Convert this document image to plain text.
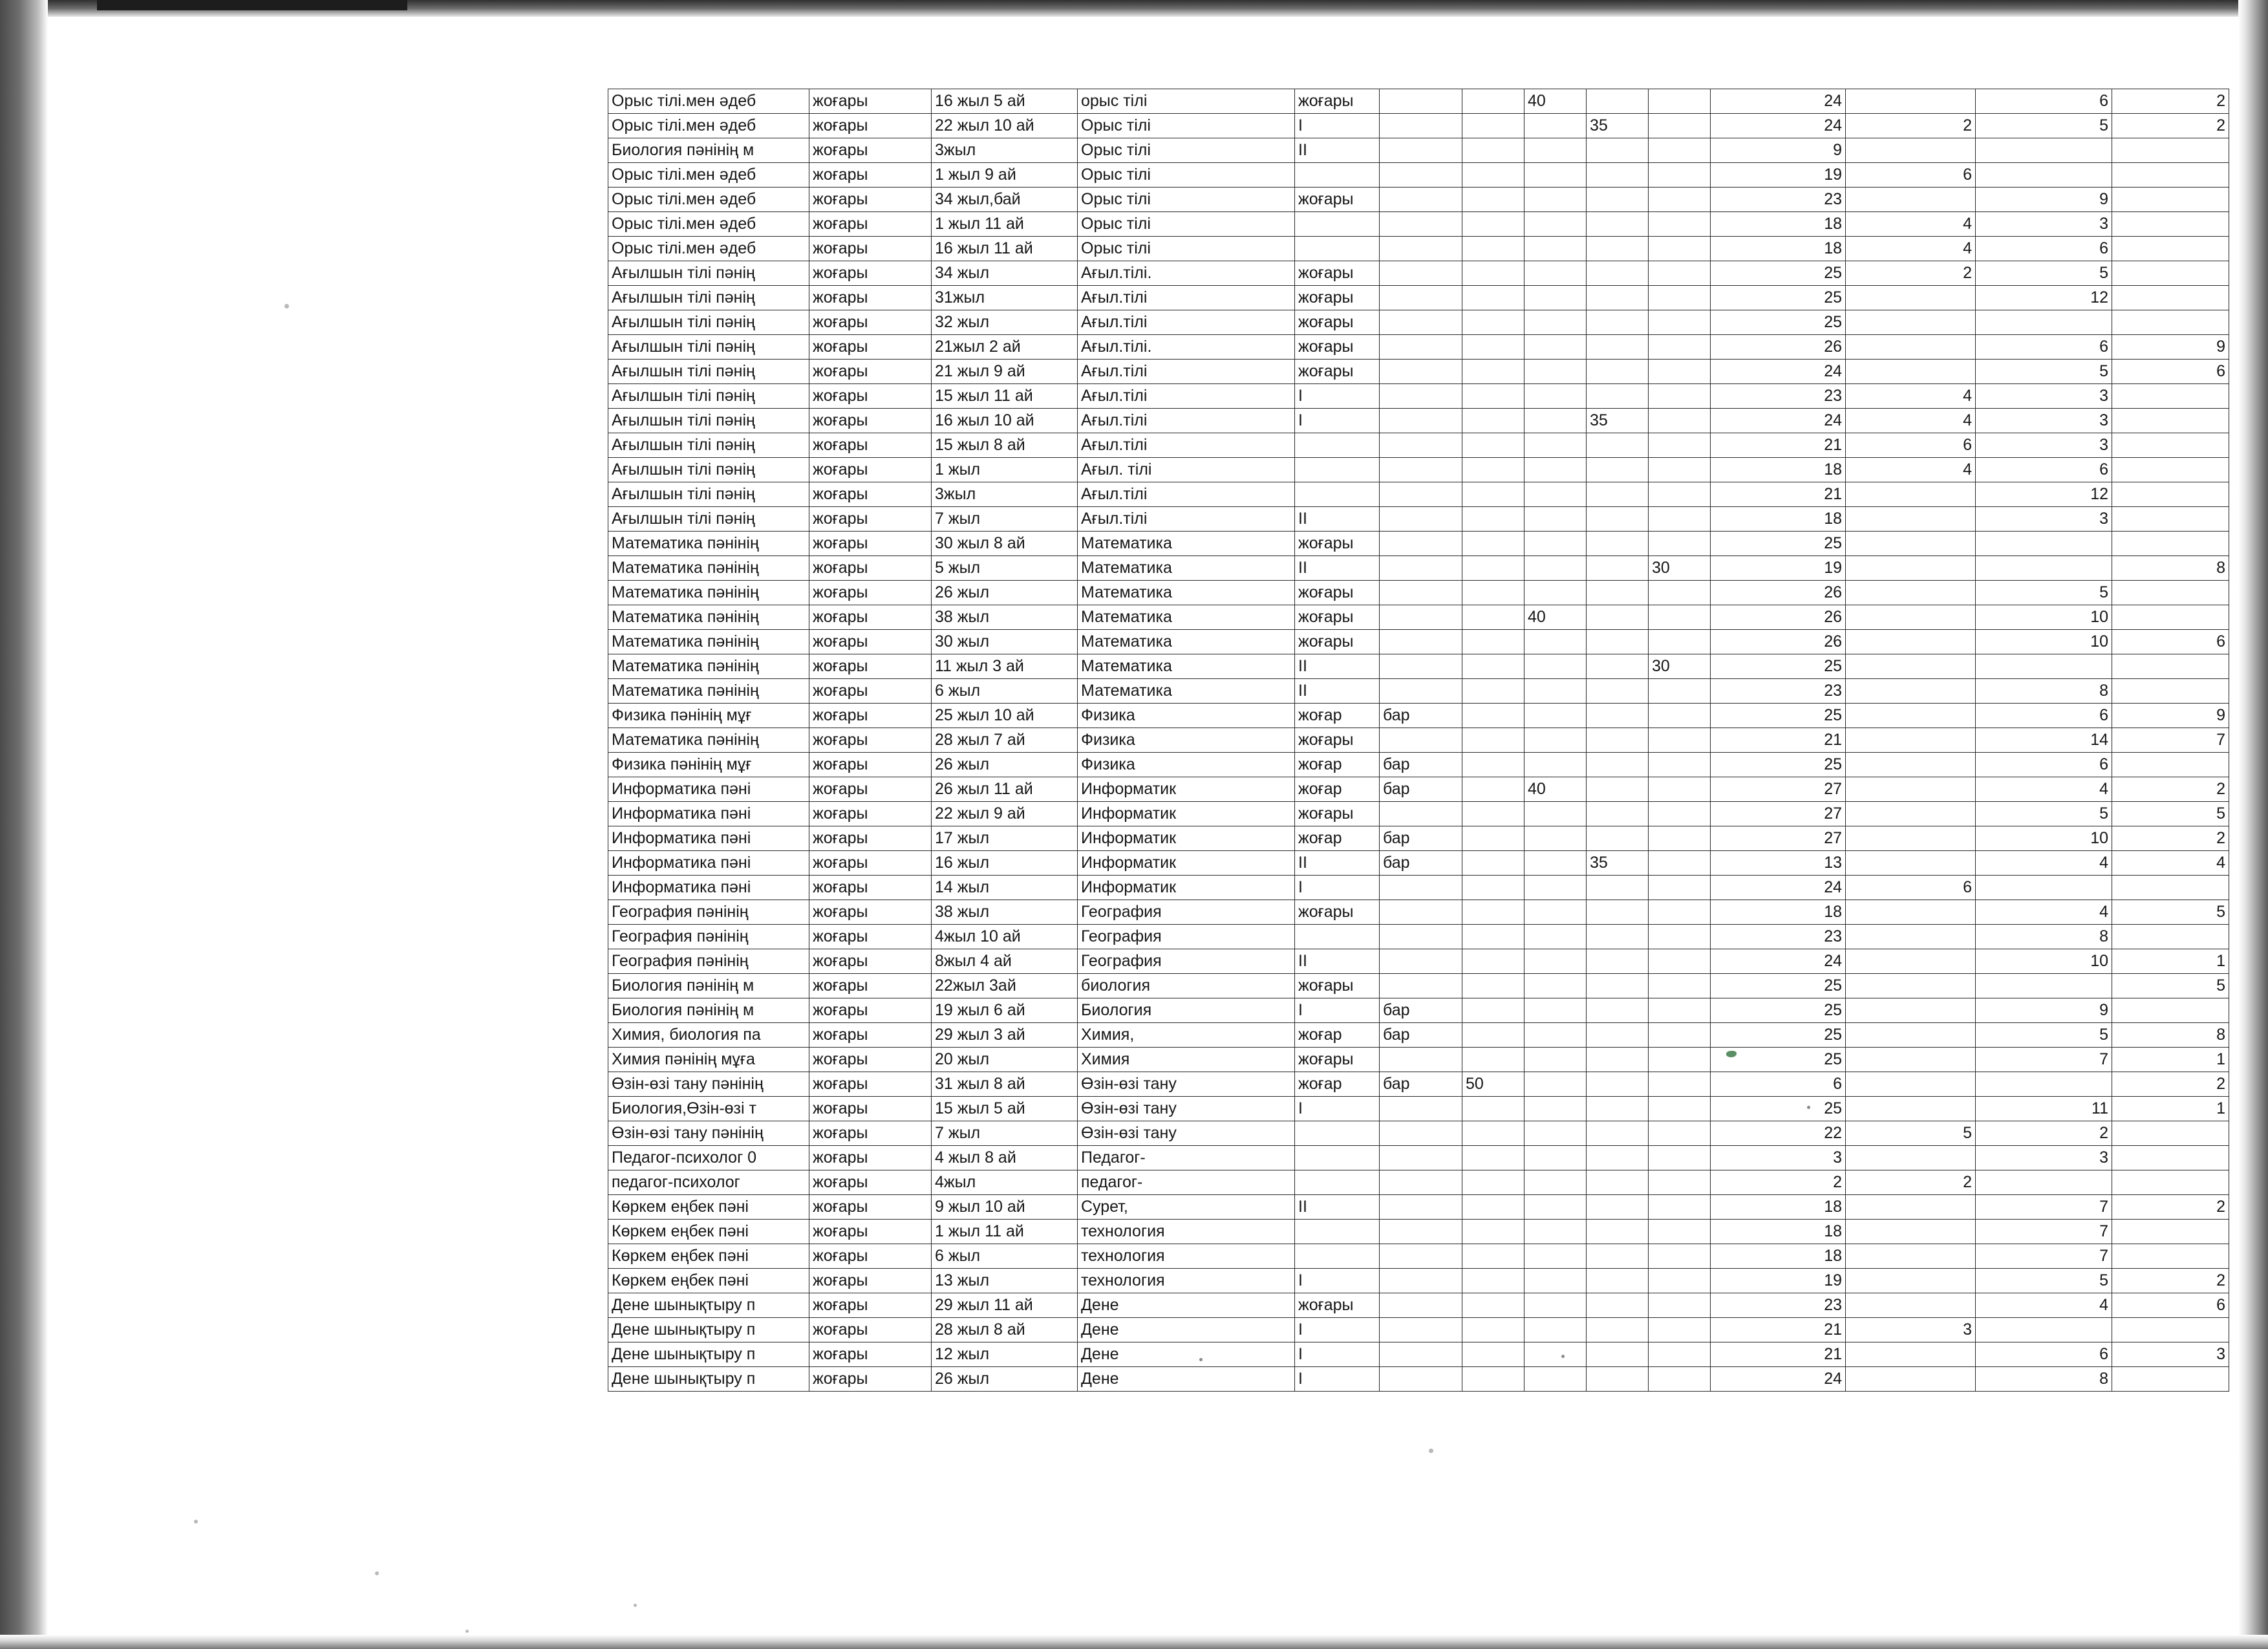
Орыс тілі.мен әдеб	жоғары	16 жыл 5 ай	орыс тілі	жоғары			40			24		6	2
Орыс тілі.мен әдеб	жоғары	22 жыл 10 ай	Орыс тілі	I				35		24	2	5	2
Биология пәнінің м	жоғары	3жыл	Орыс тілі	II						9			
Орыс тілі.мен әдеб	жоғары	1 жыл 9 ай	Орыс тілі							19	6		
Орыс тілі.мен әдеб	жоғары	34 жыл,бай	Орыс тілі	жоғары						23		9	
Орыс тілі.мен әдеб	жоғары	1 жыл 11 ай	Орыс тілі							18	4	3	
Орыс тілі.мен әдеб	жоғары	16 жыл 11 ай	Орыс тілі							18	4	6	
Ағылшын тілі пәнің	жоғары	34 жыл	Ағыл.тілі.	жоғары						25	2	5	
Ағылшын тілі пәнің	жоғары	31жыл	Ағыл.тілі	жоғары						25		12	
Ағылшын тілі пәнің	жоғары	32 жыл	Ағыл.тілі	жоғары						25			
Ағылшын тілі пәнің	жоғары	21жыл 2 ай	Ағыл.тілі.	жоғары						26		6	9
Ағылшын тілі пәнің	жоғары	21 жыл 9 ай	Ағыл.тілі	жоғары						24		5	6
Ағылшын тілі пәнің	жоғары	15 жыл 11 ай	Ағыл.тілі	I						23	4	3	
Ағылшын тілі пәнің	жоғары	16 жыл 10 ай	Ағыл.тілі	I				35		24	4	3	
Ағылшын тілі пәнің	жоғары	15 жыл 8 ай	Ағыл.тілі							21	6	3	
Ағылшын тілі пәнің	жоғары	1 жыл	Ағыл. тілі							18	4	6	
Ағылшын тілі пәнің	жоғары	3жыл	Ағыл.тілі							21		12	
Ағылшын тілі пәнің	жоғары	7 жыл	Ағыл.тілі	II						18		3	
Математика пәнінің	жоғары	30 жыл 8 ай	Математика	жоғары						25			
Математика пәнінің	жоғары	5 жыл	Математика	II					30	19			8
Математика пәнінің	жоғары	26 жыл	Математика	жоғары						26		5	
Математика пәнінің	жоғары	38 жыл	Математика	жоғары			40			26		10	
Математика пәнінің	жоғары	30 жыл	Математика	жоғары						26		10	6
Математика пәнінің	жоғары	11 жыл 3 ай	Математика	II					30	25			
Математика пәнінің	жоғары	6 жыл	Математика	II						23		8	
Физика пәнінің мұғ	жоғары	25 жыл 10 ай	Физика	жоғар	бар					25		6	9
Математика пәнінің	жоғары	28 жыл 7 ай	Физика	жоғары						21		14	7
Физика пәнінің мұғ	жоғары	26 жыл	Физика	жоғар	бар					25		6	
Информатика пәні	жоғары	26 жыл 11 ай	Информатик	жоғар	бар		40			27		4	2
Информатика пәні	жоғары	22 жыл 9 ай	Информатик	жоғары						27		5	5
Информатика пәні	жоғары	17 жыл	Информатик	жоғар	бар					27		10	2
Информатика пәні	жоғары	16 жыл	Информатик	II	бар			35		13		4	4
Информатика пәні	жоғары	14 жыл	Информатик	I						24	6		
География пәнінің	жоғары	38 жыл	География	жоғары						18		4	5
География пәнінің	жоғары	4жыл 10 ай	География							23		8	
География пәнінің	жоғары	8жыл 4 ай	География	II						24		10	1
Биология пәнінің м	жоғары	22жыл 3ай	биология	жоғары						25			5
Биология пәнінің м	жоғары	19 жыл 6 ай	Биология	I	бар					25		9	
Химия, биология па	жоғары	29 жыл 3 ай	Химия,	жоғар	бар					25		5	8
Химия пәнінің мұға	жоғары	20 жыл	Химия	жоғары						25		7	1
Өзін-өзі тану пәнінің	жоғары	31 жыл 8 ай	Өзін-өзі тану	жоғар	бар	50				6			2
Биология,Өзін-өзі т	жоғары	15 жыл 5 ай	Өзін-өзі тану	I						25		11	1
Өзін-өзі тану пәнінің	жоғары	7 жыл	Өзін-өзі тану							22	5	2	
Педагог-психолог 0	жоғары	4 жыл 8 ай	Педагог-							3		3	
педагог-психолог	жоғары	4жыл	педагог-							2	2		
Көркем еңбек пәні	жоғары	9 жыл 10 ай	Сурет,	II						18		7	2
Көркем еңбек пәні	жоғары	1 жыл 11 ай	технология							18		7	
Көркем еңбек пәні	жоғары	6 жыл	технология							18		7	
Көркем еңбек пәні	жоғары	13 жыл	технология	I						19		5	2
Дене шынықтыру п	жоғары	29 жыл 11 ай	Дене	жоғары						23		4	6
Дене шынықтыру п	жоғары	28 жыл 8 ай	Дене	I						21	3		
Дене шынықтыру п	жоғары	12 жыл	Дене	I						21		6	3
Дене шынықтыру п	жоғары	26 жыл	Дене	I						24		8	
